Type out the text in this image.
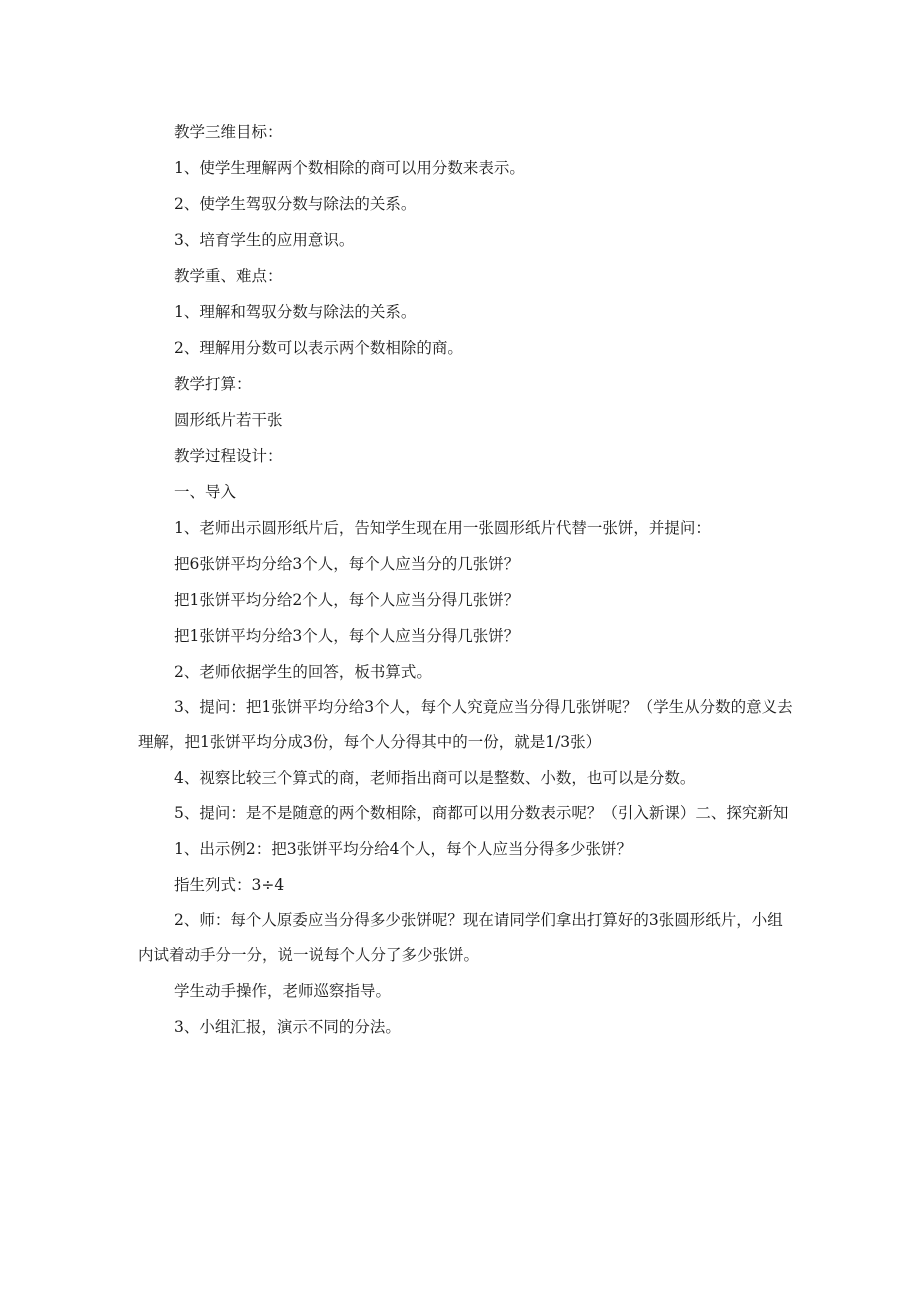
教学三维目标：

1、使学生理解两个数相除的商可以用分数来表示。

2、使学生驾驭分数与除法的关系。

3、培育学生的应用意识。

教学重、难点：

1、理解和驾驭分数与除法的关系。

2、理解用分数可以表示两个数相除的商。

教学打算：

圆形纸片若干张

教学过程设计：

一、导入

1、老师出示圆形纸片后，告知学生现在用一张圆形纸片代替一张饼，并提问：

把6张饼平均分给3个人，每个人应当分的几张饼？

把1张饼平均分给2个人，每个人应当分得几张饼？

把1张饼平均分给3个人，每个人应当分得几张饼？

2、老师依据学生的回答，板书算式。

3、提问：把1张饼平均分给3个人，每个人究竟应当分得几张饼呢？（学生从分数的意义去理解，把1张饼平均分成3份，每个人分得其中的一份，就是1/3张）

4、视察比较三个算式的商，老师指出商可以是整数、小数，也可以是分数。

5、提问：是不是随意的两个数相除，商都可以用分数表示呢？（引入新课）二、探究新知

1、出示例2：把3张饼平均分给4个人，每个人应当分得多少张饼？

指生列式：3÷4

2、师：每个人原委应当分得多少张饼呢？现在请同学们拿出打算好的3张圆形纸片，小组内试着动手分一分，说一说每个人分了多少张饼。

学生动手操作，老师巡察指导。

3、小组汇报，演示不同的分法。
